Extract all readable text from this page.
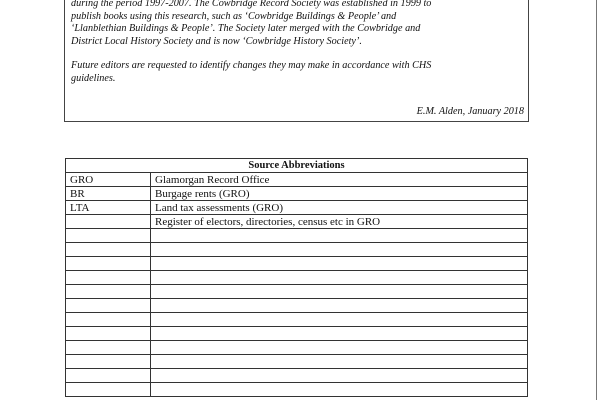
during the period 1997-2007. The Cowbridge Record Society was established in 1999 to
publish books using this research, such as ‘Cowbridge Buildings & People’ and
‘Llanblethian Buildings & People’. The Society later merged with the Cowbridge and
District Local History Society and is now ‘Cowbridge History Society’.

Future editors are requested to identify changes they may make in accordance with CHS
guidelines.

E.M. Alden, January 2018
Source Abbreviations	
GRO	Glamorgan Record Office
BR	Burgage rents (GRO)
LTA	Land tax assessments (GRO)
	Register of electors, directories, census etc in GRO
